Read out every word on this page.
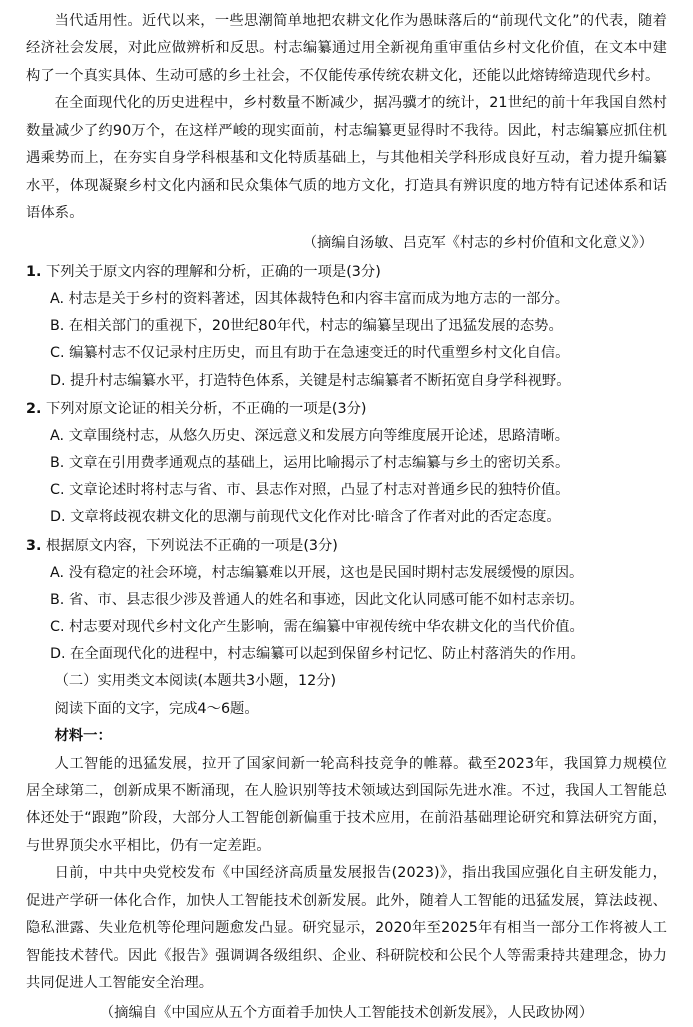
当代适用性。近代以来，一些思潮简单地把农耕文化作为愚昧落后的“前现代文化”的代表，随着经济社会发展，对此应做辨析和反思。村志编纂通过用全新视角重审重估乡村文化价值，在文本中建构了一个真实具体、生动可感的乡土社会，不仅能传承传统农耕文化，还能以此熔铸缔造现代乡村。

在全面现代化的历史进程中，乡村数量不断减少，据冯骥才的统计，21世纪的前十年我国自然村数量减少了约90万个，在这样严峻的现实面前，村志编纂更显得时不我待。因此，村志编纂应抓住机遇乘势而上，在夯实自身学科根基和文化特质基础上，与其他相关学科形成良好互动，着力提升编纂水平，体现凝聚乡村文化内涵和民众集体气质的地方文化，打造具有辨识度的地方特有记述体系和话语体系。

（摘编自汤敏、吕克军《村志的乡村价值和文化意义》）

1. 下列关于原文内容的理解和分析，正确的一项是(3分)
A. 村志是关于乡村的资料著述，因其体裁特色和内容丰富而成为地方志的一部分。
B. 在相关部门的重视下，20世纪80年代，村志的编纂呈现出了迅猛发展的态势。
C. 编纂村志不仅记录村庄历史，而且有助于在急速变迁的时代重塑乡村文化自信。
D. 提升村志编纂水平，打造特色体系，关键是村志编纂者不断拓宽自身学科视野。
2. 下列对原文论证的相关分析，不正确的一项是(3分)
A. 文章围绕村志，从悠久历史、深远意义和发展方向等维度展开论述，思路清晰。
B. 文章在引用费孝通观点的基础上，运用比喻揭示了村志编纂与乡土的密切关系。
C. 文章论述时将村志与省、市、县志作对照，凸显了村志对普通乡民的独特价值。
D. 文章将歧视农耕文化的思潮与前现代文化作对比·暗含了作者对此的否定态度。
3. 根据原文内容，下列说法不正确的一项是(3分)
A. 没有稳定的社会环境，村志编纂难以开展，这也是民国时期村志发展缓慢的原因。
B. 省、市、县志很少涉及普通人的姓名和事迹，因此文化认同感可能不如村志亲切。
C. 村志要对现代乡村文化产生影响，需在编纂中审视传统中华农耕文化的当代价值。
D. 在全面现代化的进程中，村志编纂可以起到保留乡村记忆、防止村落消失的作用。
（二）实用类文本阅读(本题共3小题，12分)
阅读下面的文字，完成4～6题。
材料一：

人工智能的迅猛发展，拉开了国家间新一轮高科技竞争的帷幕。截至2023年，我国算力规模位居全球第二，创新成果不断涌现，在人脸识别等技术领域达到国际先进水准。不过，我国人工智能总体还处于“跟跑”阶段，大部分人工智能创新偏重于技术应用，在前沿基础理论研究和算法研究方面，与世界顶尖水平相比，仍有一定差距。

日前，中共中央党校发布《中国经济高质量发展报告(2023)》，指出我国应强化自主研发能力，促进产学研一体化合作，加快人工智能技术创新发展。此外，随着人工智能的迅猛发展，算法歧视、隐私泄露、失业危机等伦理问题愈发凸显。研究显示，2020年至2025年有相当一部分工作将被人工智能技术替代。因此《报告》强调调各级组织、企业、科研院校和公民个人等需秉持共建理念，协力共同促进人工智能安全治理。

（摘编自《中国应从五个方面着手加快人工智能技术创新发展》，人民政协网）
